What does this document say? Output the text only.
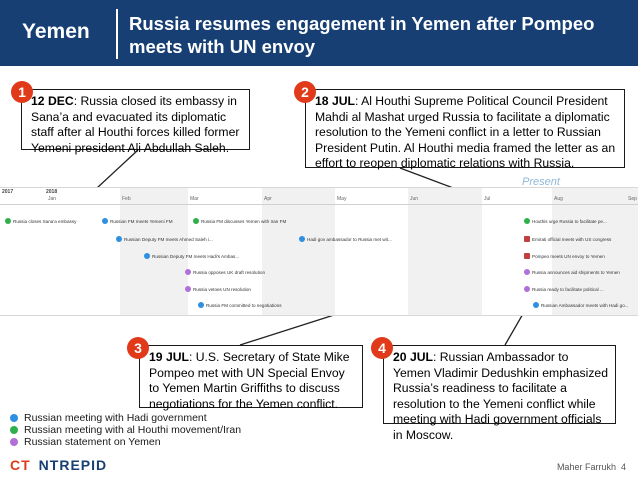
Yemen Russia resumes engagement in Yemen after Pompeo meets with UN envoy
2017	2018
Jan	Feb	Mar	Apr	May	Jun	Jul	Aug	Sep
Russia closes Sana'a embassy	Russian FM meets Yemeni FM	Russia FM discusses Yemen with Iran FM
Russian Deputy FM meets Ahmed Saleh i...	Hadi gov ambassador to Russia met wit...
Russian Deputy FM meets Hadi's Ambas...
Russia opposes UK draft resolution
Russia vetoes UN resolution
Russia FM committed to negotiations
Houthis urge Russia to facilitate pe...
Emirati official meets with US congress
Pompeo meets UN envoy to Yemen
Russia announces aid shipments to Yemen
Russia ready to facilitate political ...
Russian Ambassador meets with Hadi go...
Present
12 DEC: Russia closed its embassy in Sana’a and evacuated its diplomatic staff after al Houthi forces killed former Yemeni president Ali Abdullah Saleh.
1
18 JUL: Al Houthi Supreme Political Council President Mahdi al Mashat urged Russia to facilitate a diplomatic resolution to the Yemeni conflict in a letter to Russian President Putin. Al Houthi media framed the letter as an effort to reopen diplomatic relations with Russia.
2
19 JUL: U.S. Secretary of State Mike Pompeo met with UN Special Envoy to Yemen Martin Griffiths to discuss negotiations for the Yemen conflict.
3
20 JUL: Russian Ambassador to Yemen Vladimir Dedushkin emphasized Russia’s readiness to facilitate a resolution to the Yemeni conflict while meeting with Hadi government officials in Moscow.
4
Russian meeting with Hadi government
Russian meeting with al Houthi movement/Iran
Russian statement on Yemen
CT NTREPID	Maher Farrukh 4
